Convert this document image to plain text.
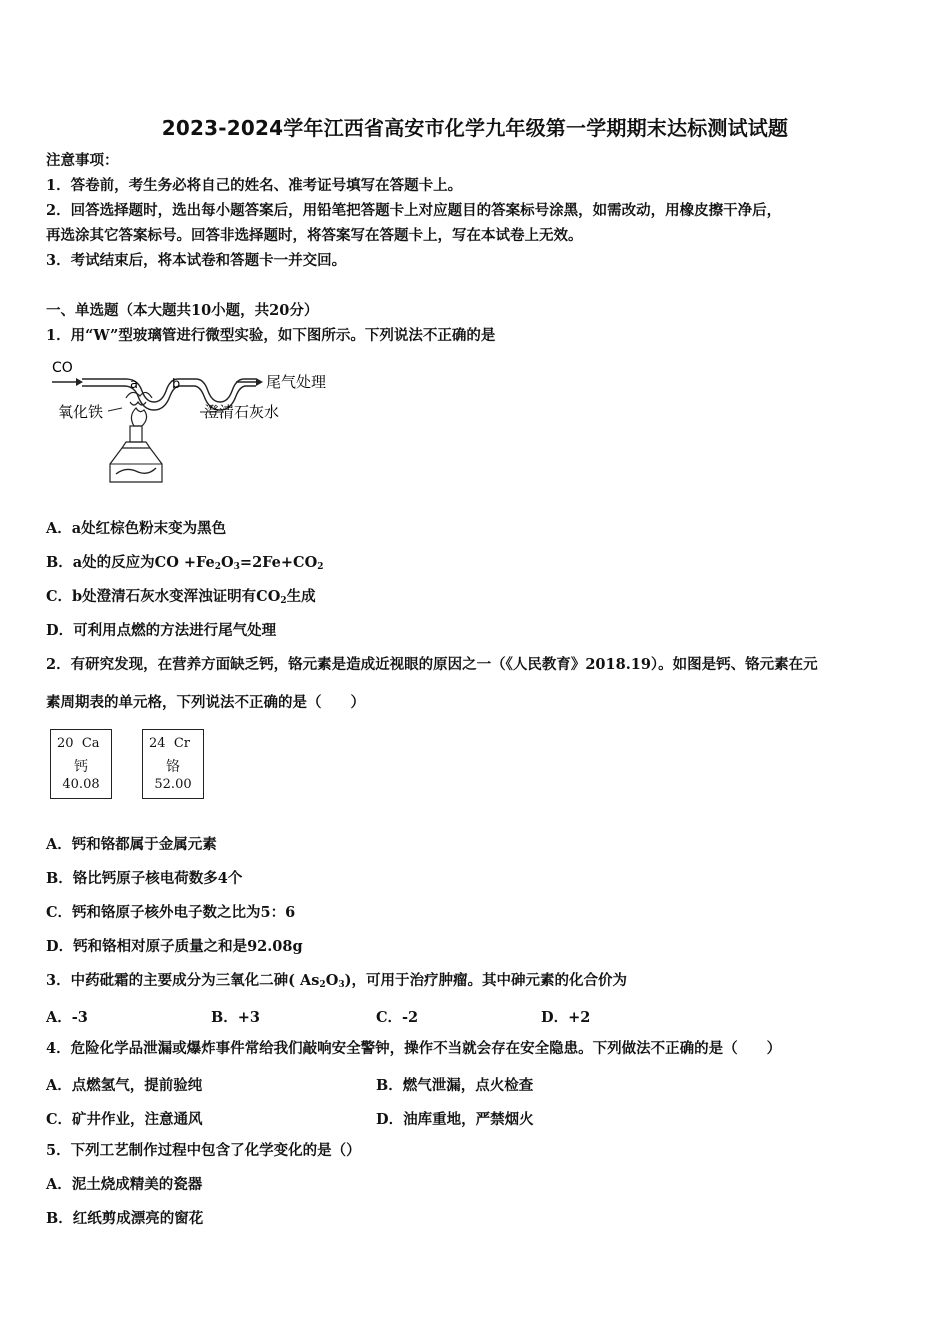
2023-2024学年江西省高安市化学九年级第一学期期末达标测试试题
注意事项：
1．答卷前，考生务必将自己的姓名、准考证号填写在答题卡上。
2．回答选择题时，选出每小题答案后，用铅笔把答题卡上对应题目的答案标号涂黑，如需改动，用橡皮擦干净后，
再选涂其它答案标号。回答非选择题时，将答案写在答题卡上，写在本试卷上无效。
3．考试结束后，将本试卷和答题卡一并交回。
一、单选题（本大题共10小题，共20分）
1．用“W”型玻璃管进行微型实验，如下图所示。下列说法不正确的是
CO
a	b	尾气处理
氧化铁	澄清石灰水
A．a处红棕色粉末变为黑色
B．a处的反应为CO $+Fe_2O_3=2Fe+CO_2$
C．b处澄清石灰水变浑浊证明有$CO_2$生成
D．可利用点燃的方法进行尾气处理
2．有研究发现，在营养方面缺乏钙，铬元素是造成近视眼的原因之一（《人民教育》2018.19）。如图是钙、铬元素在元
素周期表的单元格，下列说法不正确的是（　　）
20 Ca
钙
40.08
24 Cr
铬
52.00
A．钙和铬都属于金属元素
B．铬比钙原子核电荷数多4个
C．钙和铬原子核外电子数之比为5：6
D．钙和铬相对原子质量之和是92.08g
3．中药砒霜的主要成分为三氧化二砷( $As_2O_3$)，可用于治疗肿瘤。其中砷元素的化合价为
A．-3	B．+3	C．-2	D．+2
4．危险化学品泄漏或爆炸事件常给我们敲响安全警钟，操作不当就会存在安全隐患。下列做法不正确的是（　　）
A．点燃氢气，提前验纯	B．燃气泄漏，点火检查
C．矿井作业，注意通风	D．油库重地，严禁烟火
5．下列工艺制作过程中包含了化学变化的是（）
A．泥土烧成精美的瓷器
B．红纸剪成漂亮的窗花
